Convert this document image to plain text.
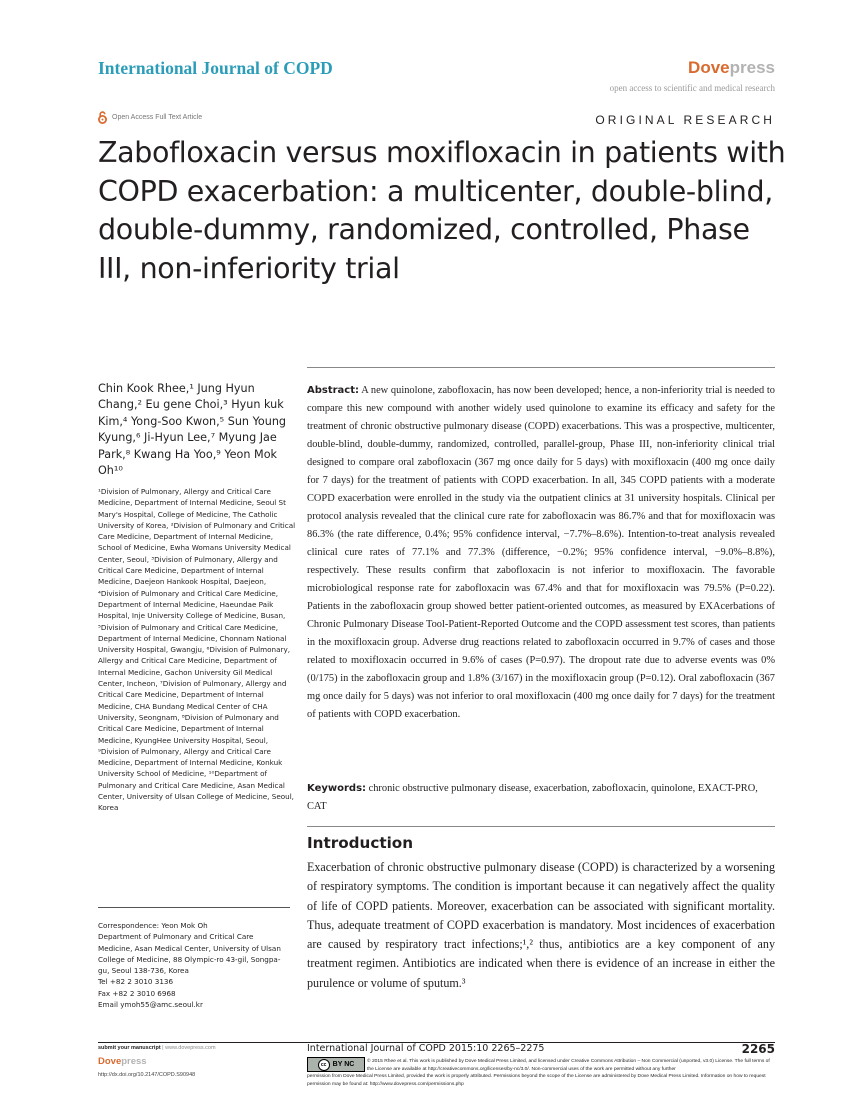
International Journal of COPD	Dovepress
open access to scientific and medical research
Open Access Full Text Article	ORIGINAL RESEARCH
Zabofloxacin versus moxifloxacin in patients with COPD exacerbation: a multicenter, double-blind, double-dummy, randomized, controlled, Phase III, non-inferiority trial
Chin Kook Rhee,¹ Jung Hyun Chang,² Eu gene Choi,³ Hyun kuk Kim,⁴ Yong-Soo Kwon,⁵ Sun Young Kyung,⁶ Ji-Hyun Lee,⁷ Myung Jae Park,⁸ Kwang Ha Yoo,⁹ Yeon Mok Oh¹⁰
¹Division of Pulmonary, Allergy and Critical Care Medicine, Department of Internal Medicine, Seoul St Mary's Hospital, College of Medicine, The Catholic University of Korea, ²Division of Pulmonary and Critical Care Medicine, Department of Internal Medicine, School of Medicine, Ewha Womans University Medical Center, Seoul, ³Division of Pulmonary, Allergy and Critical Care Medicine, Department of Internal Medicine, Daejeon Hankook Hospital, Daejeon, ⁴Division of Pulmonary and Critical Care Medicine, Department of Internal Medicine, Haeundae Paik Hospital, Inje University College of Medicine, Busan, ⁵Division of Pulmonary and Critical Care Medicine, Department of Internal Medicine, Chonnam National University Hospital, Gwangju, ⁶Division of Pulmonary, Allergy and Critical Care Medicine, Department of Internal Medicine, Gachon University Gil Medical Center, Incheon, ⁷Division of Pulmonary, Allergy and Critical Care Medicine, Department of Internal Medicine, CHA Bundang Medical Center of CHA University, Seongnam, ⁸Division of Pulmonary and Critical Care Medicine, Department of Internal Medicine, KyungHee University Hospital, Seoul, ⁹Division of Pulmonary, Allergy and Critical Care Medicine, Department of Internal Medicine, Konkuk University School of Medicine, ¹⁰Department of Pulmonary and Critical Care Medicine, Asan Medical Center, University of Ulsan College of Medicine, Seoul, Korea
Correspondence: Yeon Mok Oh
Department of Pulmonary and Critical Care Medicine, Asan Medical Center, University of Ulsan College of Medicine, 88 Olympic-ro 43-gil, Songpa-gu, Seoul 138-736, Korea
Tel +82 2 3010 3136
Fax +82 2 3010 6968
Email ymoh55@amc.seoul.kr
Abstract: A new quinolone, zabofloxacin, has now been developed; hence, a non-inferiority trial is needed to compare this new compound with another widely used quinolone to examine its efficacy and safety for the treatment of chronic obstructive pulmonary disease (COPD) exacerbations. This was a prospective, multicenter, double-blind, double-dummy, randomized, controlled, parallel-group, Phase III, non-inferiority clinical trial designed to compare oral zabofloxacin (367 mg once daily for 5 days) with moxifloxacin (400 mg once daily for 7 days) for the treatment of patients with COPD exacerbation. In all, 345 COPD patients with a moderate COPD exacerbation were enrolled in the study via the outpatient clinics at 31 university hospitals. Clinical per protocol analysis revealed that the clinical cure rate for zabofloxacin was 86.7% and that for moxifloxacin was 86.3% (the rate difference, 0.4%; 95% confidence interval, −7.7%–8.6%). Intention-to-treat analysis revealed clinical cure rates of 77.1% and 77.3% (difference, −0.2%; 95% confidence interval, −9.0%–8.8%), respectively. These results confirm that zabofloxacin is not inferior to moxifloxacin. The favorable microbiological response rate for zabofloxacin was 67.4% and that for moxifloxacin was 79.5% (P=0.22). Patients in the zabofloxacin group showed better patient-oriented outcomes, as measured by EXAcerbations of Chronic Pulmonary Disease Tool-Patient-Reported Outcome and the COPD assessment test scores, than patients in the moxifloxacin group. Adverse drug reactions related to zabofloxacin occurred in 9.7% of cases and those related to moxifloxacin occurred in 9.6% of cases (P=0.97). The dropout rate due to adverse events was 0% (0/175) in the zabofloxacin group and 1.8% (3/167) in the moxifloxacin group (P=0.12). Oral zabofloxacin (367 mg once daily for 5 days) was not inferior to oral moxifloxacin (400 mg once daily for 7 days) for the treatment of patients with COPD exacerbation.
Keywords: chronic obstructive pulmonary disease, exacerbation, zabofloxacin, quinolone, EXACT-PRO, CAT
Introduction
Exacerbation of chronic obstructive pulmonary disease (COPD) is characterized by a worsening of respiratory symptoms. The condition is important because it can negatively affect the quality of life of COPD patients. Moreover, exacerbation can be associated with significant mortality. Thus, adequate treatment of COPD exacerbation is mandatory. Most incidences of exacerbation are caused by respiratory tract infections;¹,² thus, antibiotics are a key component of any treatment regimen. Antibiotics are indicated when there is evidence of an increase in either the purulence or volume of sputum.³
submit your manuscript | www.dovepress.com
Dovepress
http://dx.doi.org/10.2147/COPD.S90948
International Journal of COPD 2015:10 2265–2275	2265
cc BY NC	© 2015 Rhee et al. This work is published by Dove Medical Press Limited, and licensed under Creative Commons Attribution – Non Commercial (unported, v3.0) License. The full terms of the License are available at http://creativecommons.org/licenses/by-nc/3.0/. Non-commercial uses of the work are permitted without any further
permission from Dove Medical Press Limited, provided the work is properly attributed. Permissions beyond the scope of the License are administered by Dove Medical Press Limited. Information on how to request permission may be found at: http://www.dovepress.com/permissions.php
